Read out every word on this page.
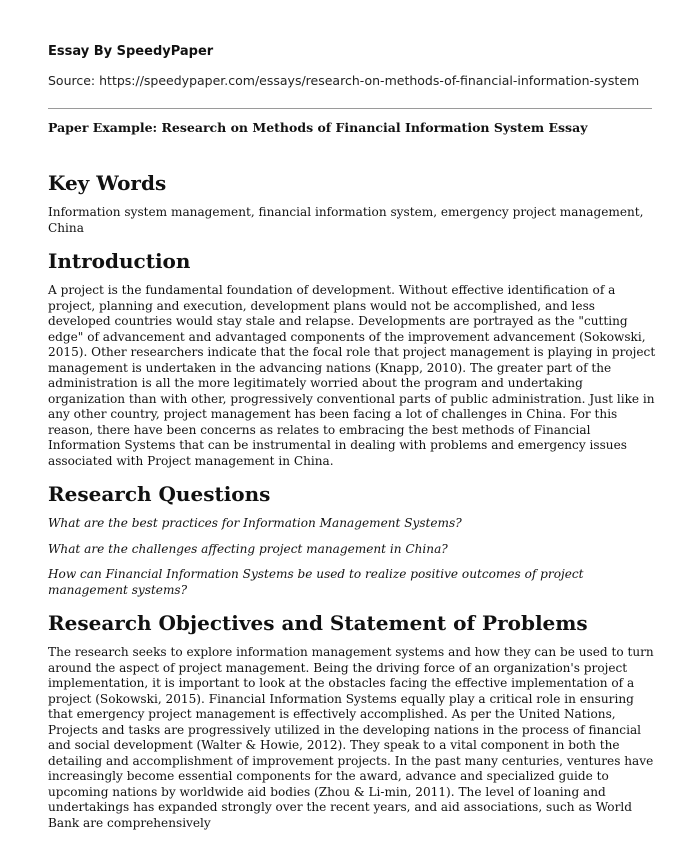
Essay By SpeedyPaper
Source: https://speedypaper.com/essays/research-on-methods-of-financial-information-system
Paper Example: Research on Methods of Financial Information System Essay
Key Words

Information system management, financial information system, emergency project management, China

Introduction

A project is the fundamental foundation of development. Without effective identification of a project, planning and execution, development plans would not be accomplished, and less developed countries would stay stale and relapse. Developments are portrayed as the "cutting edge" of advancement and advantaged components of the improvement advancement (Sokowski, 2015). Other researchers indicate that the focal role that project management is playing in project management is undertaken in the advancing nations (Knapp, 2010). The greater part of the administration is all the more legitimately worried about the program and undertaking organization than with other, progressively conventional parts of public administration. Just like in any other country, project management has been facing a lot of challenges in China. For this reason, there have been concerns as relates to embracing the best methods of Financial Information Systems that can be instrumental in dealing with problems and emergency issues associated with Project management in China.

Research Questions

What are the best practices for Information Management Systems?

What are the challenges affecting project management in China?

How can Financial Information Systems be used to realize positive outcomes of project management systems?

Research Objectives and Statement of Problems

The research seeks to explore information management systems and how they can be used to turn around the aspect of project management. Being the driving force of an organization's project implementation, it is important to look at the obstacles facing the effective implementation of a project (Sokowski, 2015). Financial Information Systems equally play a critical role in ensuring that emergency project management is effectively accomplished. As per the United Nations, Projects and tasks are progressively utilized in the developing nations in the process of financial and social development (Walter & Howie, 2012). They speak to a vital component in both the detailing and accomplishment of improvement projects. In the past many centuries, ventures have increasingly become essential components for the award, advance and specialized guide to upcoming nations by worldwide aid bodies (Zhou & Li-min, 2011). The level of loaning and undertakings has expanded strongly over the recent years, and aid associations, such as World Bank are comprehensively
